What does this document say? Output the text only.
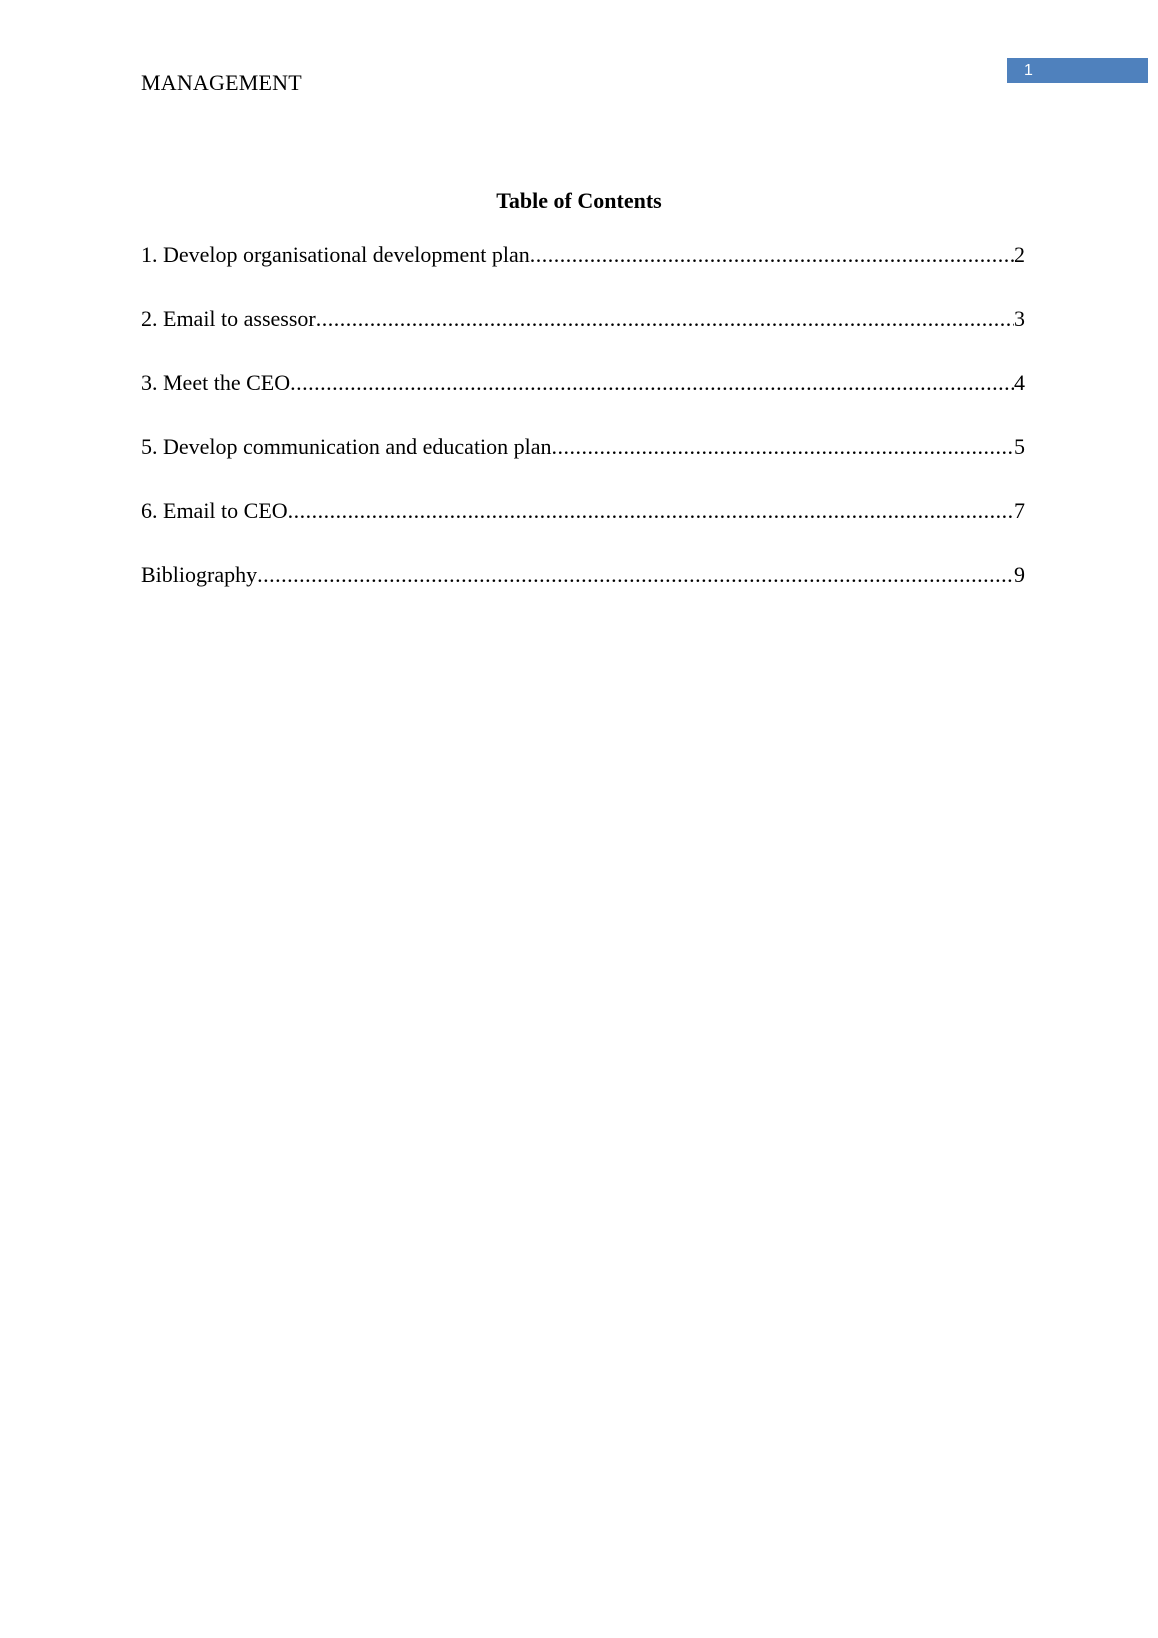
MANAGEMENT	1
Table of Contents
1. Develop organisational development plan .....	2
2. Email to assessor .....	3
3. Meet the CEO .....	4
5. Develop communication and education plan .....	5
6. Email to CEO .....	7
Bibliography .....	9
